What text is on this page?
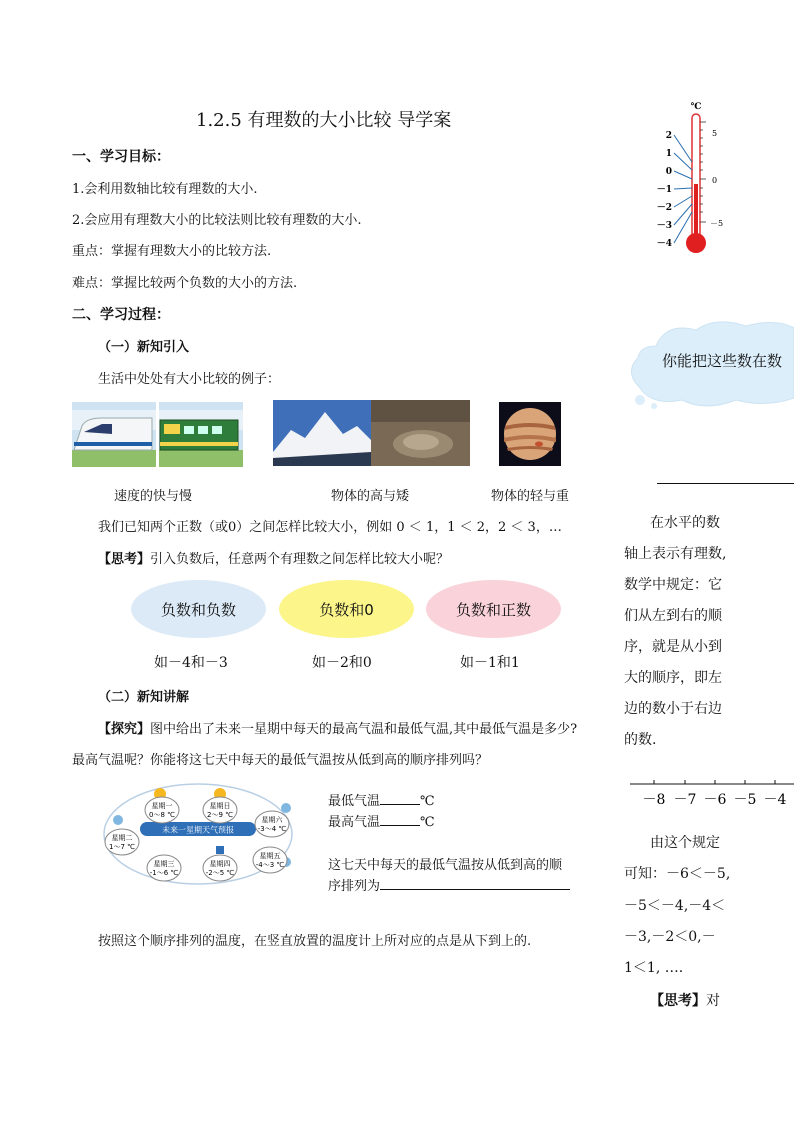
1.2.5 有理数的大小比较 导学案
一、学习目标：
1.会利用数轴比较有理数的大小.
2.会应用有理数大小的比较法则比较有理数的大小.
重点：掌握有理数大小的比较方法.
难点：掌握比较两个负数的大小的方法.
二、学习过程：
（一）新知引入
生活中处处有大小比较的例子：
速度的快与慢	物体的高与矮	物体的轻与重
我们已知两个正数（或0）之间怎样比较大小，例如 0 ＜ 1，1 ＜ 2，2 ＜ 3，…
【思考】引入负数后，任意两个有理数之间怎样比较大小呢？
负数和负数	负数和0	负数和正数
如－4和－3	如－2和0	如－1和1
（二）新知讲解
【探究】图中给出了未来一星期中每天的最高气温和最低气温,其中最低气温是多少?
最高气温呢？你能将这七天中每天的最低气温按从低到高的顺序排列吗？
未来一星期天气预报
星期一
0～8 ℃
星期日
2～9 ℃
星期六
-3～4 ℃
星期二
1～7 ℃
星期三
-1～6 ℃
星期四
-2～5 ℃
星期五
-4～3 ℃
最低气温	℃
最高气温	℃
这七天中每天的最低气温按从低到高的顺
序排列为
按照这个顺序排列的温度，在竖直放置的温度计上所对应的点是从下到上的.
℃
5
0
－5
2
1
0
－1
－2
－3
－4
你能把这些数在数
在水平的数
轴上表示有理数,
数学中规定：它
们从左到右的顺
序，就是从小到
大的顺序，即左
边的数小于右边
的数.
－8 －7 －6 －5 －4
由这个规定
可知：－6＜－5,
－5＜－4,－4＜
－3,－2＜0,－
1＜1, ….
【思考】对
